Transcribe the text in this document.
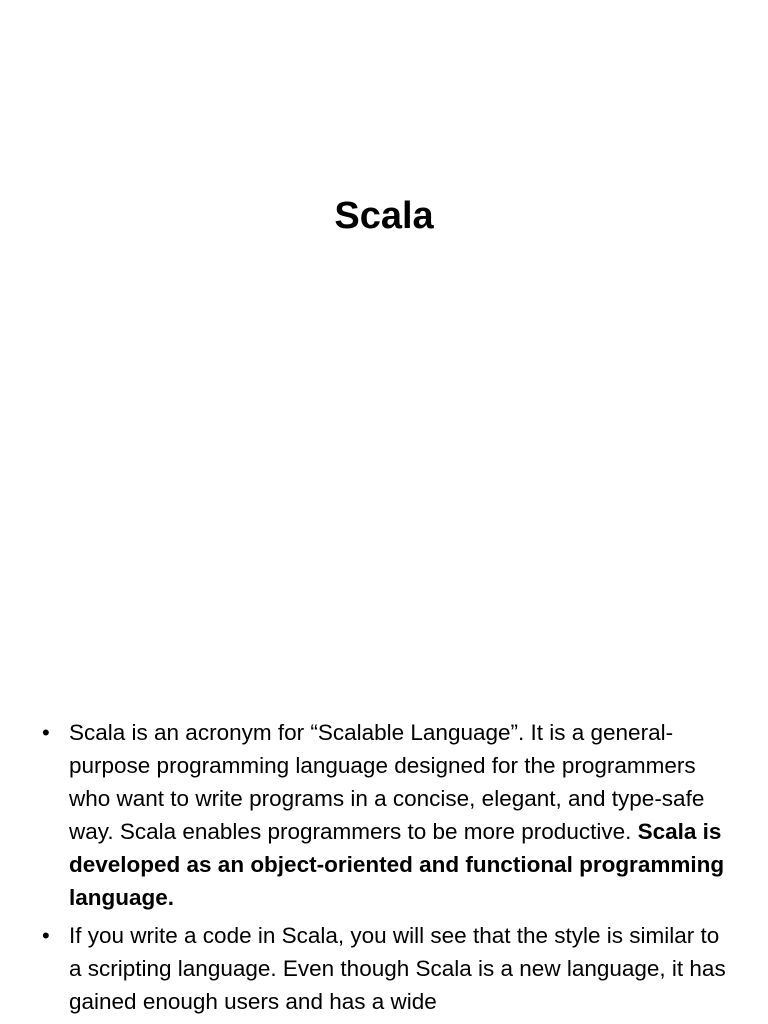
Scala
• Scala is an acronym for “Scalable Language”. It is a general-purpose programming language designed for the programmers who want to write programs in a concise, elegant, and type-safe way. Scala enables programmers to be more productive. Scala is developed as an object-oriented and functional programming language.
• If you write a code in Scala, you will see that the style is similar to a scripting language. Even though Scala is a new language, it has gained enough users and has a wide
